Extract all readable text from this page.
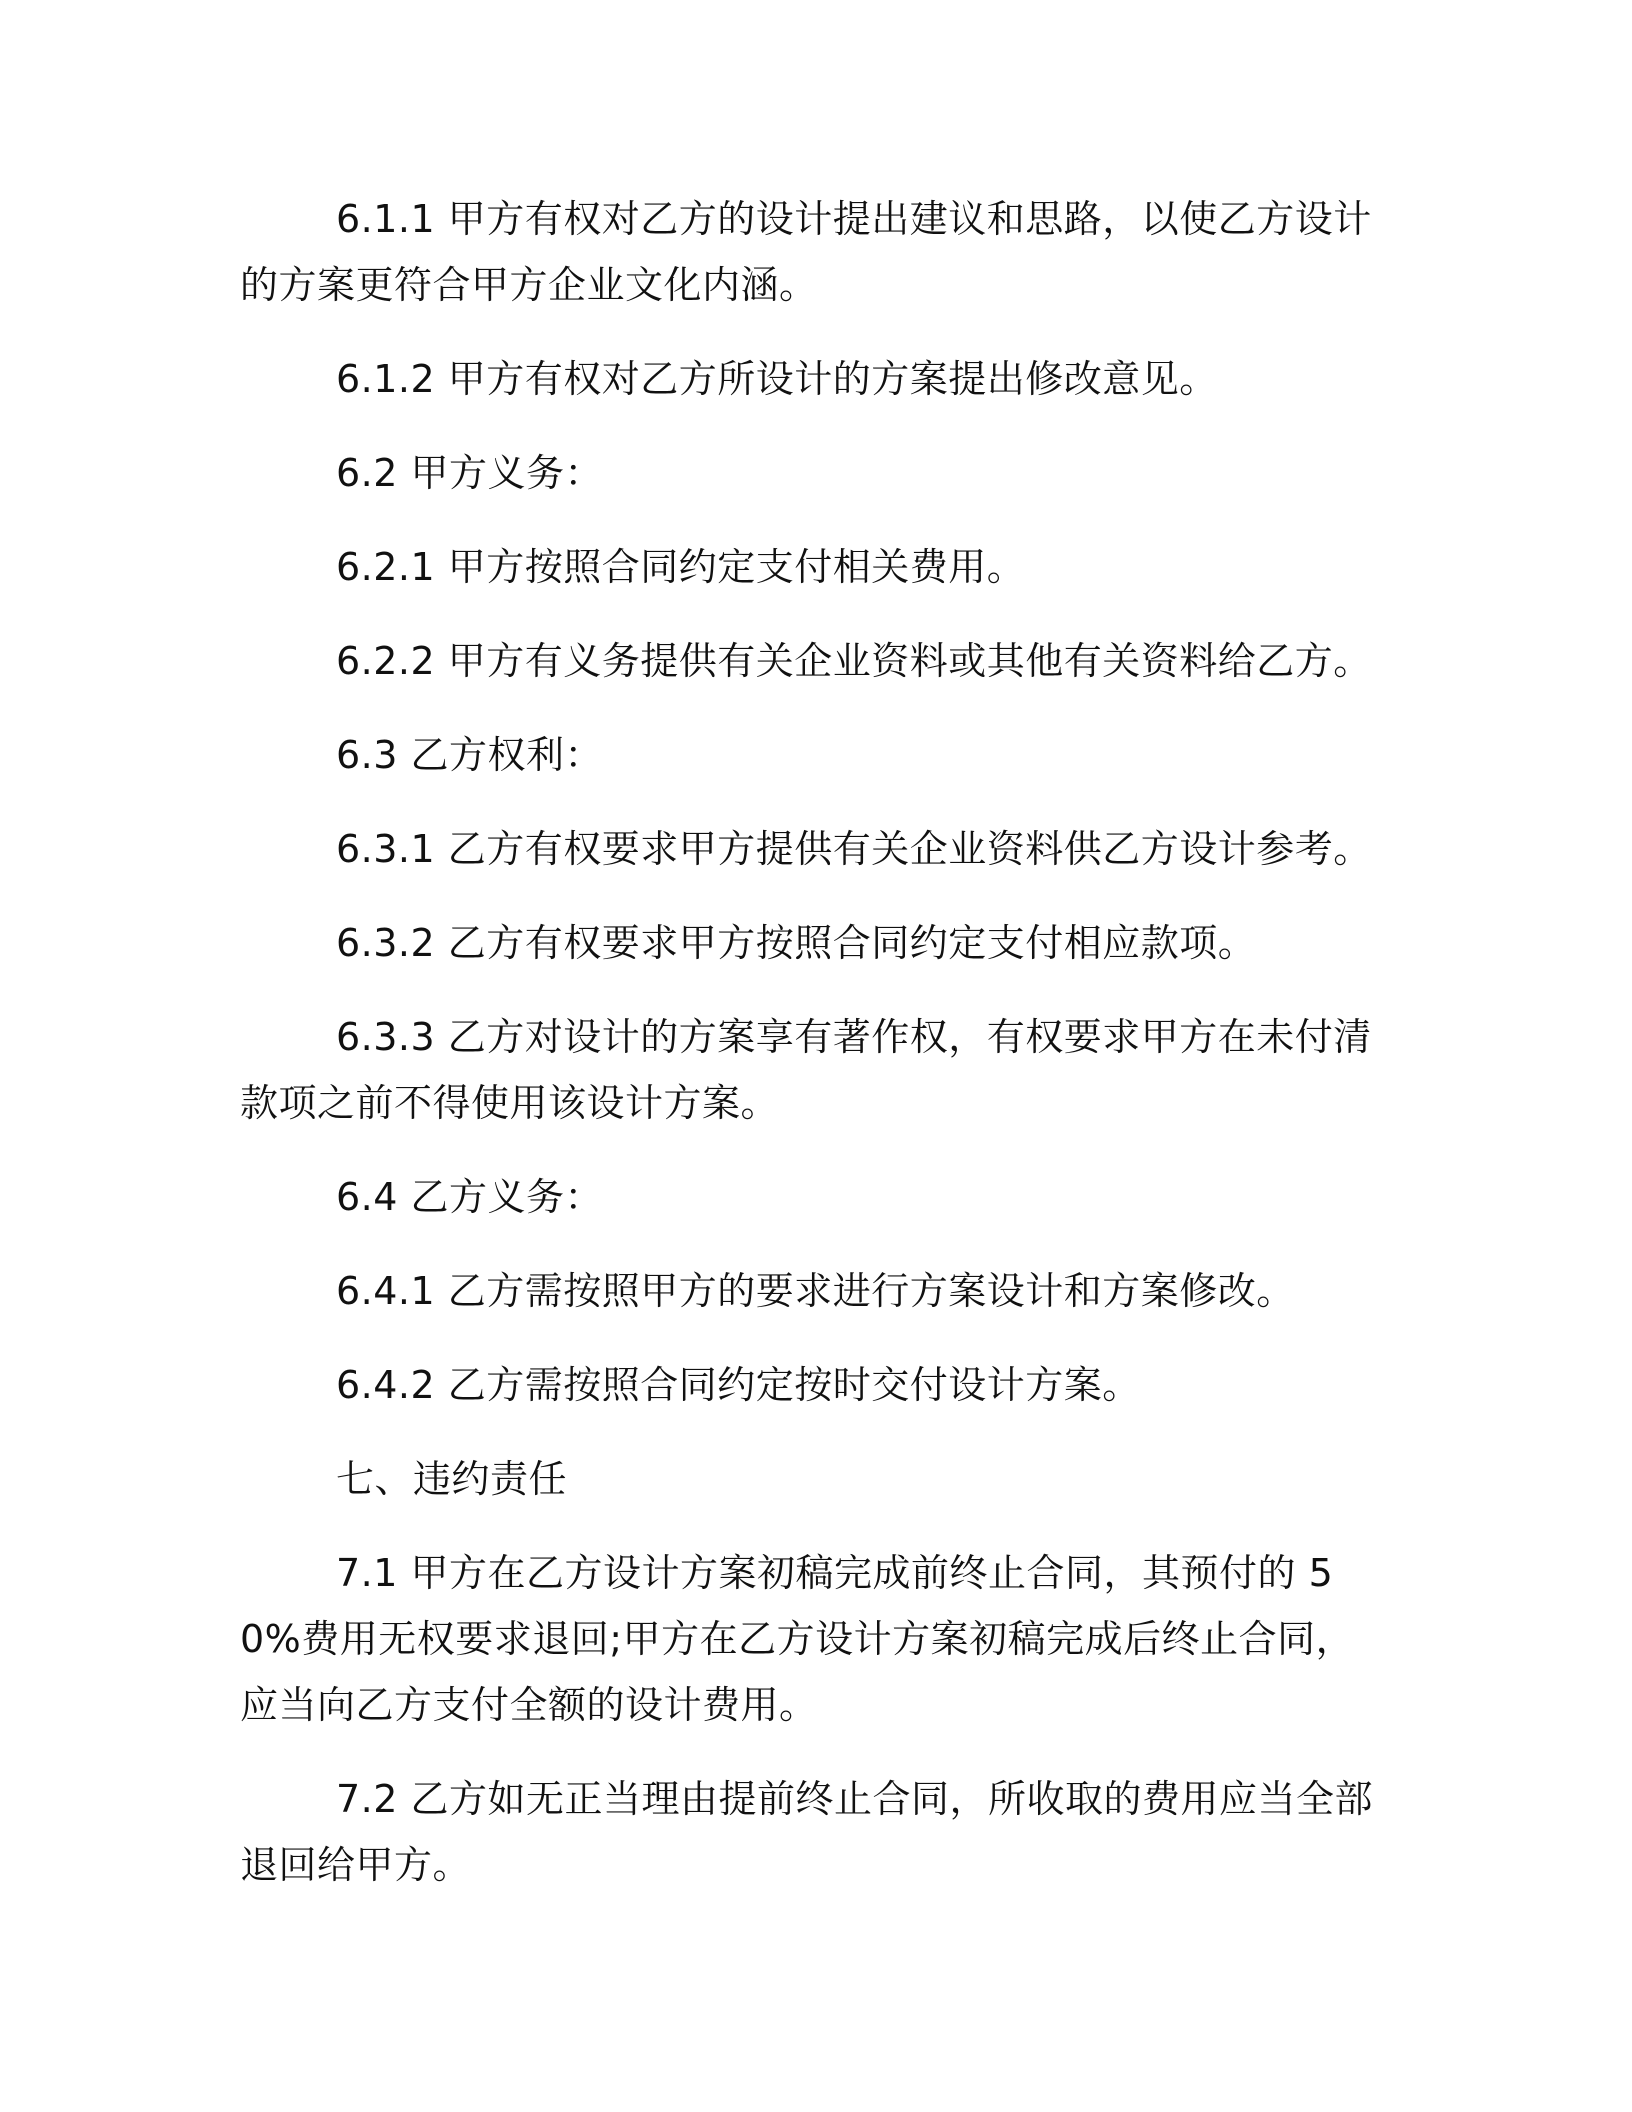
6.1.1 甲方有权对乙方的设计提出建议和思路，以使乙方设计的方案更符合甲方企业文化内涵。

6.1.2 甲方有权对乙方所设计的方案提出修改意见。

6.2 甲方义务：

6.2.1 甲方按照合同约定支付相关费用。

6.2.2 甲方有义务提供有关企业资料或其他有关资料给乙方。

6.3 乙方权利：

6.3.1 乙方有权要求甲方提供有关企业资料供乙方设计参考。

6.3.2 乙方有权要求甲方按照合同约定支付相应款项。

6.3.3 乙方对设计的方案享有著作权，有权要求甲方在未付清款项之前不得使用该设计方案。

6.4 乙方义务：

6.4.1 乙方需按照甲方的要求进行方案设计和方案修改。

6.4.2 乙方需按照合同约定按时交付设计方案。

七、违约责任

7.1 甲方在乙方设计方案初稿完成前终止合同，其预付的 50%费用无权要求退回;甲方在乙方设计方案初稿完成后终止合同，应当向乙方支付全额的设计费用。

7.2 乙方如无正当理由提前终止合同，所收取的费用应当全部退回给甲方。
